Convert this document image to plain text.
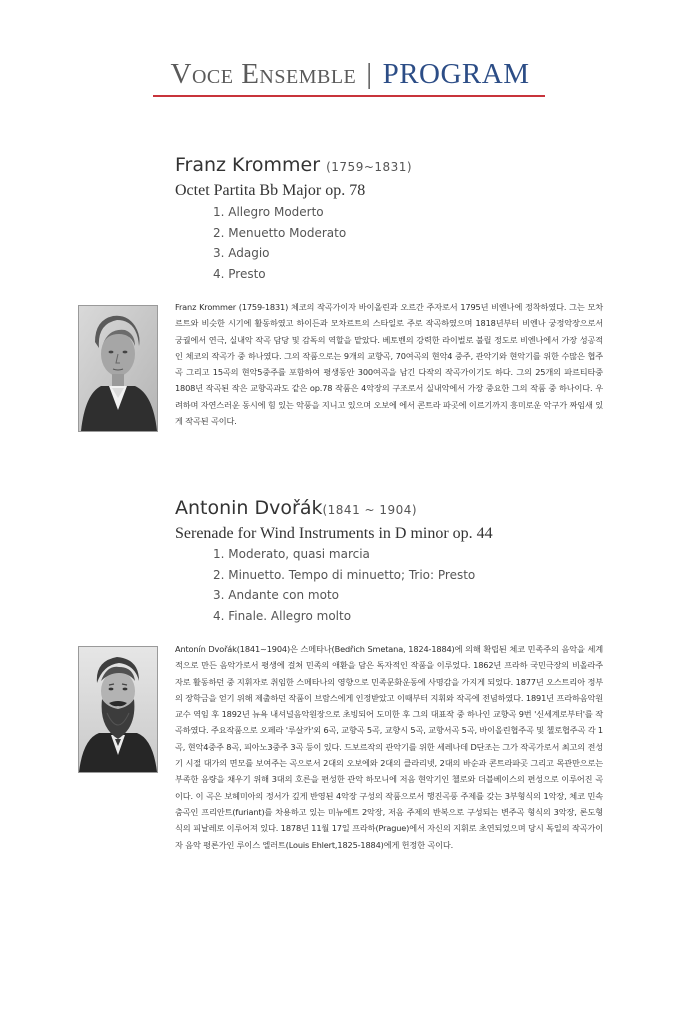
Voce Ensemble | PROGRAM
Franz Krommer (1759~1831)
Octet Partita Bb Major op. 78
1. Allegro Moderto
2. Menuetto Moderato
3. Adagio
4. Presto

Franz Krommer (1759-1831) 체코의 작곡가이자 바이올린과 오르간 주자로서 1795년 비엔나에 정착하였다. 그는 모차르트와 비슷한 시기에 활동하였고 하이든과 모차르트의 스타일로 주로 작곡하였으며 1818년부터 비엔나 궁정악장으로서 궁궐에서 연극, 실내악 작곡 담당 및 감독의 역할을 맡았다. 베토벤의 강력한 라이벌로 불릴 정도로 비엔나에서 가장 성공적인 체코의 작곡가 중 하나였다. 그의 작품으로는 9개의 교향곡, 70여곡의 현악4 중주, 관악기와 현악기를 위한 수많은 협주곡 그리고 15곡의 현악5중주를 포함하여 평생동안 300여곡을 남긴 다작의 작곡가이기도 하다. 그의 25개의 파르티타중 1808년 작곡된 작은 교향곡과도 같은 op.78 작품은 4악장의 구조로서 실내악에서 가장 중요한 그의 작품 중 하나이다. 우려하며 자연스러운 동시에 힘 있는 악풍을 지니고 있으며 오보에 에서 콘트라 파곳에 이르기까지 흥미로운 악구가 짜임새 있게 작곡된 곡이다.

Antonin Dvořák(1841 ~ 1904)
Serenade for Wind Instruments in D minor op. 44
1. Moderato, quasi marcia
2. Minuetto. Tempo di minuetto; Trio: Presto
3. Andante con moto
4. Finale. Allegro molto

Antonín Dvořák(1841~1904)은 스메타나(Bedřich Smetana, 1824-1884)에 의해 확립된 체코 민족주의 음악을 세계적으로 만든 음악가로서 평생에 걸쳐 민족의 애환을 담은 독자적인 작품을 이루었다. 1862년 프라하 국민극장의 비올라주자로 활동하던 중 지휘자로 취임한 스메타나의 영향으로 민족문화운동에 사명감을 가지게 되었다. 1877년 오스트리아 정부의 장학금을 얻기 위해 제출하던 작품이 브람스에게 인정받았고 이때부터 지휘와 작곡에 전념하였다. 1891년 프라하음악원 교수 역임 후 1892년 뉴욕 내셔널음악원장으로 초빙되어 도미한 후 그의 대표작 중 하나인 교향곡 9번 '신세계로부터'를 작곡하였다. 주요작품으로 오페라 '루살카'외 6곡, 교향곡 5곡, 교향시 5곡, 교향서곡 5곡, 바이올린협주곡 및 첼로협주곡 각 1곡, 현악4중주 8곡, 피아노3중주 3곡 등이 있다. 드보르작의 관악기를 위한 세레나데 D단조는 그가 작곡가로서 최고의 전성기 시절 대가의 면모를 보여주는 곡으로서 2대의 오보에와 2대의 클라리넷, 2대의 바순과 콘트라파곳 그리고 목관만으로는 부족한 음량을 채우기 위해 3대의 호른을 편성한 관악 하모니에 저음 현악기인 첼로와 더블베이스의 편성으로 이루어진 곡이다. 이 곡은 보헤미아의 정서가 깊게 반영된 4악장 구성의 작품으로서 행진곡풍 주제를 갖는 3부형식의 1악장, 체코 민속춤곡인 프리안트(furiant)를 차용하고 있는 미뉴에트 2악장, 저음 주제의 반복으로 구성되는 변주곡 형식의 3악장, 론도형식의 피날레로 이루어져 있다. 1878년 11월 17일 프라하(Prague)에서 자신의 지휘로 초연되었으며 당시 독일의 작곡가이자 음악 평론가인 루이스 엘러트(Louis Ehlert,1825-1884)에게 헌정한 곡이다.
